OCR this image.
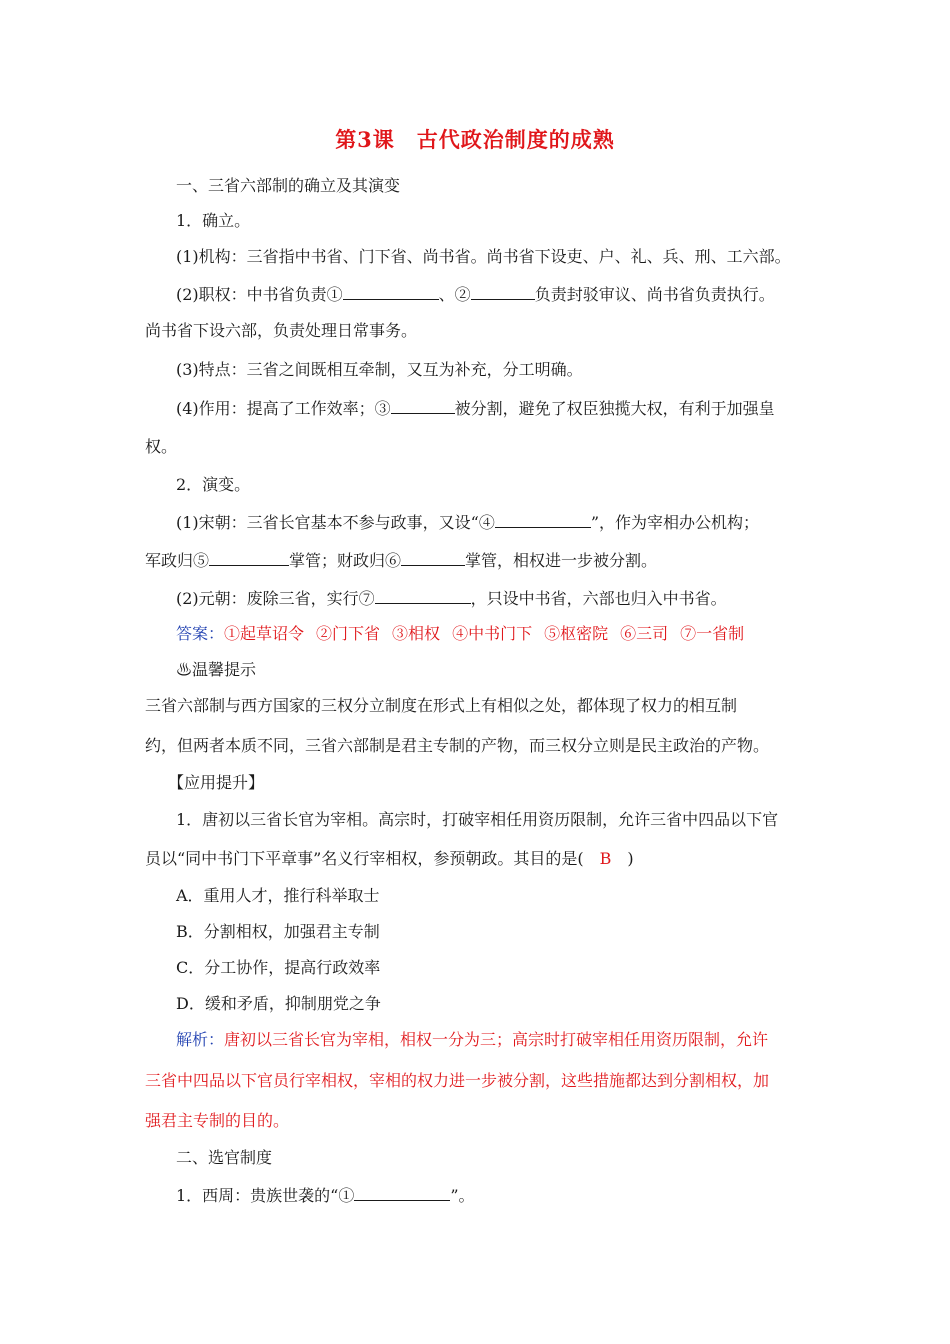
第3课　古代政治制度的成熟
一、三省六部制的确立及其演变
1．确立。
(1)机构：三省指中书省、门下省、尚书省。尚书省下设吏、户、礼、兵、刑、工六部。
(2)职权：中书省负责①	、②	负责封驳审议、尚书省负责执行。
尚书省下设六部，负责处理日常事务。
(3)特点：三省之间既相互牵制，又互为补充，分工明确。
(4)作用：提高了工作效率；③	被分割，避免了权臣独揽大权，有利于加强皇
权。
2．演变。
(1)宋朝：三省长官基本不参与政事，又设“④	”，作为宰相办公机构；
军政归⑤	掌管；财政归⑥	掌管，相权进一步被分割。
(2)元朝：废除三省，实行⑦	，只设中书省，六部也归入中书省。
答案：①起草诏令 ②门下省 ③相权 ④中书门下 ⑤枢密院 ⑥三司 ⑦一省制
♨温馨提示
三省六部制与西方国家的三权分立制度在形式上有相似之处，都体现了权力的相互制
约，但两者本质不同，三省六部制是君主专制的产物，而三权分立则是民主政治的产物。
【应用提升】
1．唐初以三省长官为宰相。高宗时，打破宰相任用资历限制，允许三省中四品以下官
员以“同中书门下平章事”名义行宰相权，参预朝政。其目的是( B )
A．重用人才，推行科举取士
B．分割相权，加强君主专制
C．分工协作，提高行政效率
D．缓和矛盾，抑制朋党之争
解析：唐初以三省长官为宰相，相权一分为三；高宗时打破宰相任用资历限制，允许
三省中四品以下官员行宰相权，宰相的权力进一步被分割，这些措施都达到分割相权，加
强君主专制的目的。
二、选官制度
1．西周：贵族世袭的“①	”。
